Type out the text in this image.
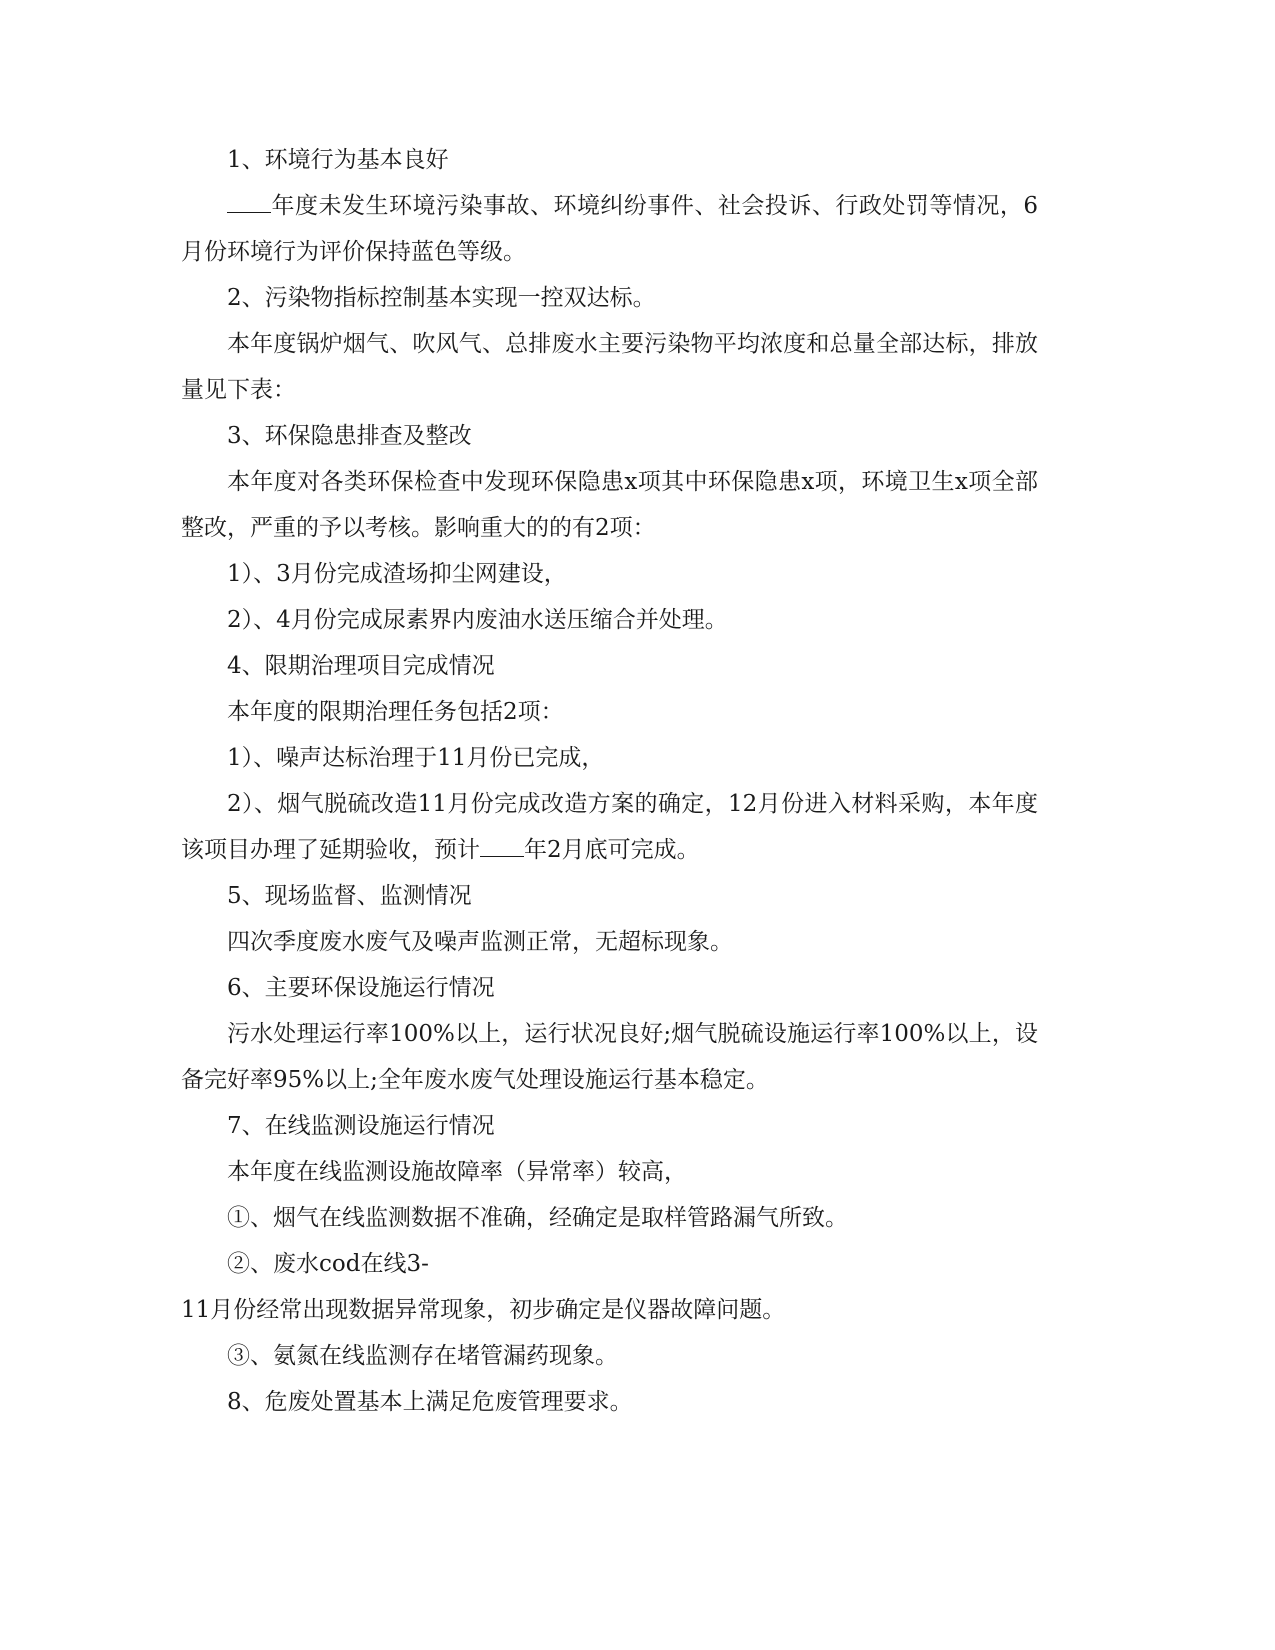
1、环境行为基本良好

年度未发生环境污染事故、环境纠纷事件、社会投诉、行政处罚等情况，6月份环境行为评价保持蓝色等级。

2、污染物指标控制基本实现一控双达标。

本年度锅炉烟气、吹风气、总排废水主要污染物平均浓度和总量全部达标，排放量见下表：

3、环保隐患排查及整改

本年度对各类环保检查中发现环保隐患x项其中环保隐患x项，环境卫生x项全部整改，严重的予以考核。影响重大的的有2项：

1）、3月份完成渣场抑尘网建设，

2）、4月份完成尿素界内废油水送压缩合并处理。

4、限期治理项目完成情况

本年度的限期治理任务包括2项：

1）、噪声达标治理于11月份已完成，

2）、烟气脱硫改造11月份完成改造方案的确定，12月份进入材料采购，本年度该项目办理了延期验收，预计 年2月底可完成。

5、现场监督、监测情况

四次季度废水废气及噪声监测正常，无超标现象。

6、主要环保设施运行情况

污水处理运行率100%以上，运行状况良好;烟气脱硫设施运行率100%以上，设备完好率95%以上;全年废水废气处理设施运行基本稳定。

7、在线监测设施运行情况

本年度在线监测设施故障率（异常率）较高，

①、烟气在线监测数据不准确，经确定是取样管路漏气所致。

②、废水cod在线3-

11月份经常出现数据异常现象，初步确定是仪器故障问题。

③、氨氮在线监测存在堵管漏药现象。

8、危废处置基本上满足危废管理要求。
